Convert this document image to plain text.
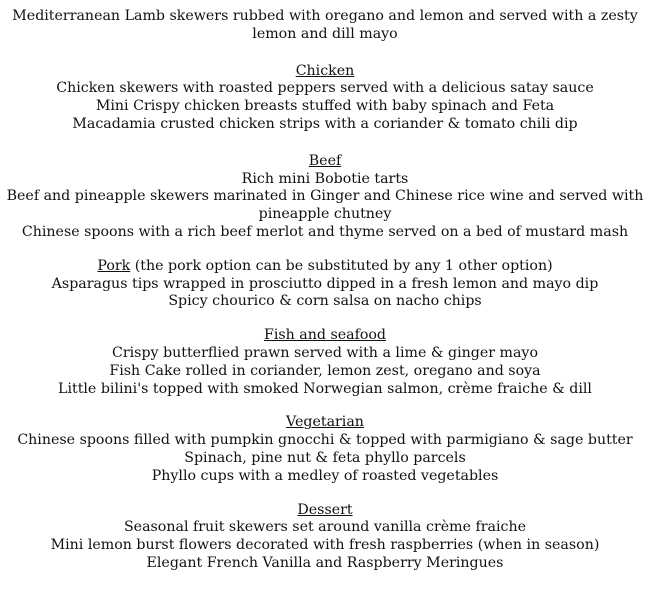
Mediterranean Lamb skewers rubbed with oregano and lemon and served with a zesty lemon and dill mayo
Chicken
Chicken skewers with roasted peppers served with a delicious satay sauce
Mini Crispy chicken breasts stuffed with baby spinach and Feta
Macadamia crusted chicken strips with a coriander & tomato chili dip
Beef
Rich mini Bobotie tarts
Beef and pineapple skewers marinated in Ginger and Chinese rice wine and served with pineapple chutney
Chinese spoons with a rich beef merlot and thyme served on a bed of mustard mash
Pork (the pork option can be substituted by any 1 other option)
Asparagus tips wrapped in prosciutto dipped in a fresh lemon and mayo dip
Spicy chourico & corn salsa on nacho chips
Fish and seafood
Crispy butterflied prawn served with a lime & ginger mayo
Fish Cake rolled in coriander, lemon zest, oregano and soya
Little bilini's topped with smoked Norwegian salmon, crème fraiche & dill
Vegetarian
Chinese spoons filled with pumpkin gnocchi & topped with parmigiano & sage butter
Spinach, pine nut & feta phyllo parcels
Phyllo cups with a medley of roasted vegetables
Dessert
Seasonal fruit skewers set around vanilla crème fraiche
Mini lemon burst flowers decorated with fresh raspberries (when in season)
Elegant French Vanilla and Raspberry Meringues
